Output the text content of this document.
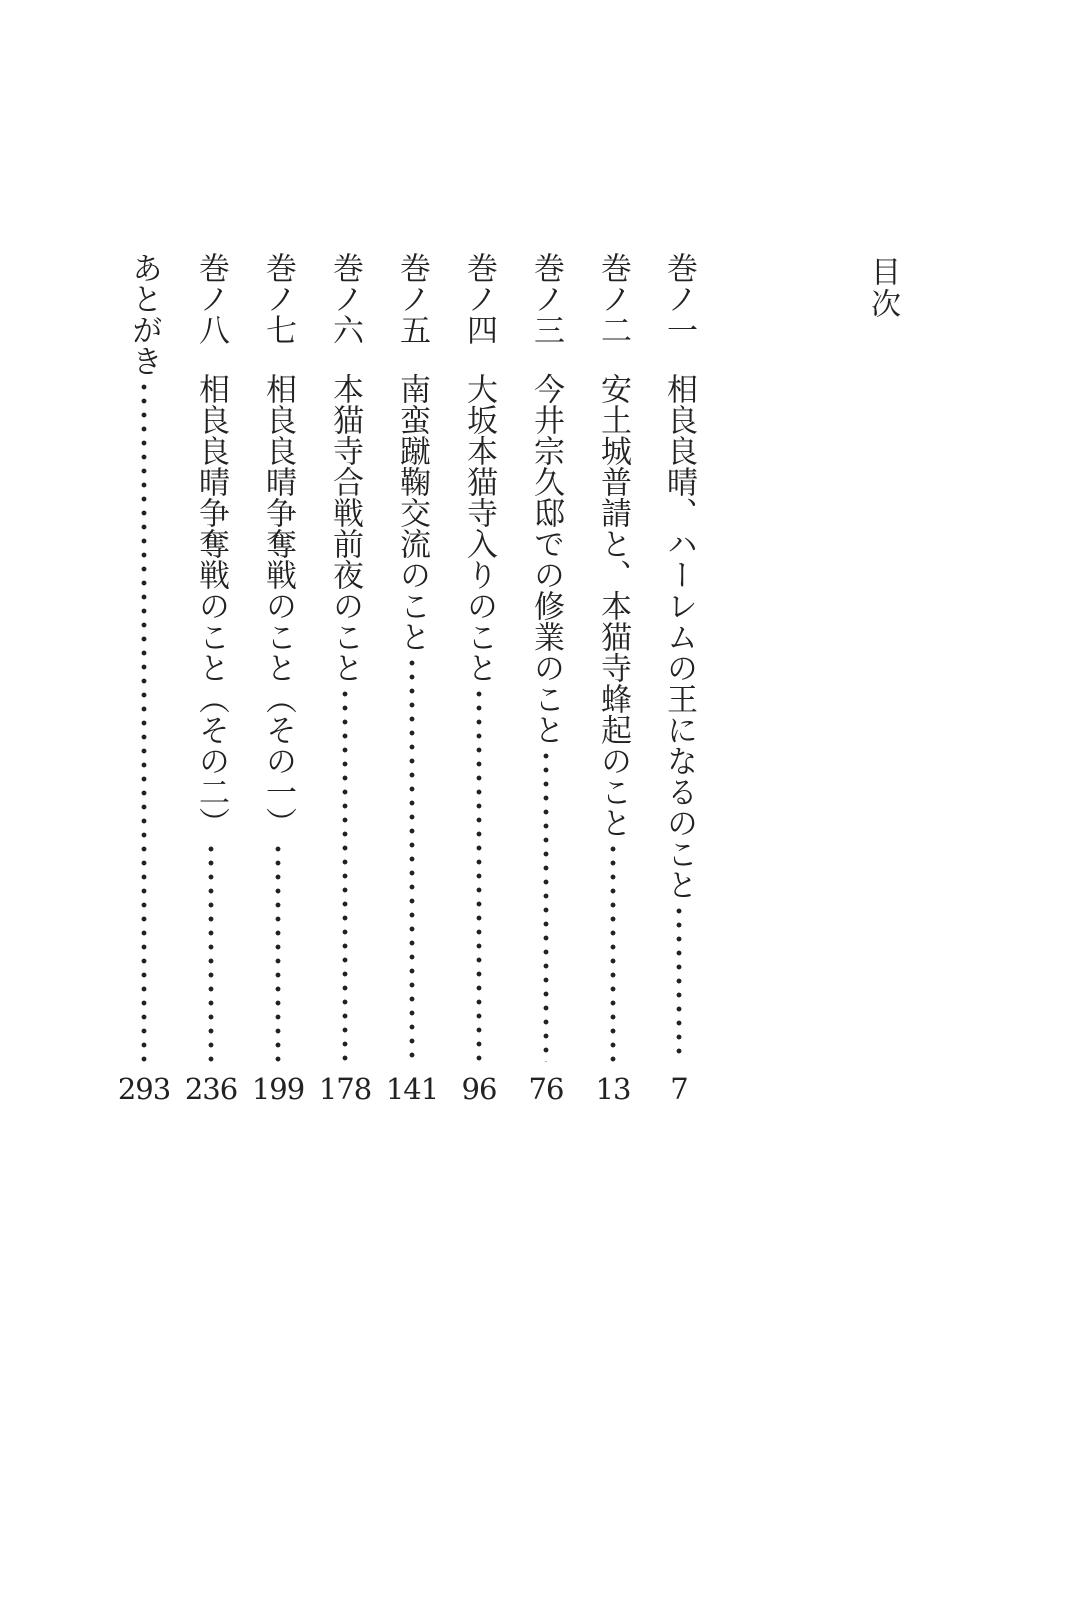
目次
巻ノ一
相良良晴、ハーレムの王になるのこと
7
巻ノ二
安土城普請と、本猫寺蜂起のこと
13
巻ノ三
今井宗久邸での修業のこと
76
巻ノ四
大坂本猫寺入りのこと
96
巻ノ五
南蛮蹴鞠交流のこと
141
巻ノ六
本猫寺合戦前夜のこと
178
巻ノ七
相良良晴争奪戦のこと（その一）
199
巻ノ八
相良良晴争奪戦のこと（その二）
236
あとがき
293
